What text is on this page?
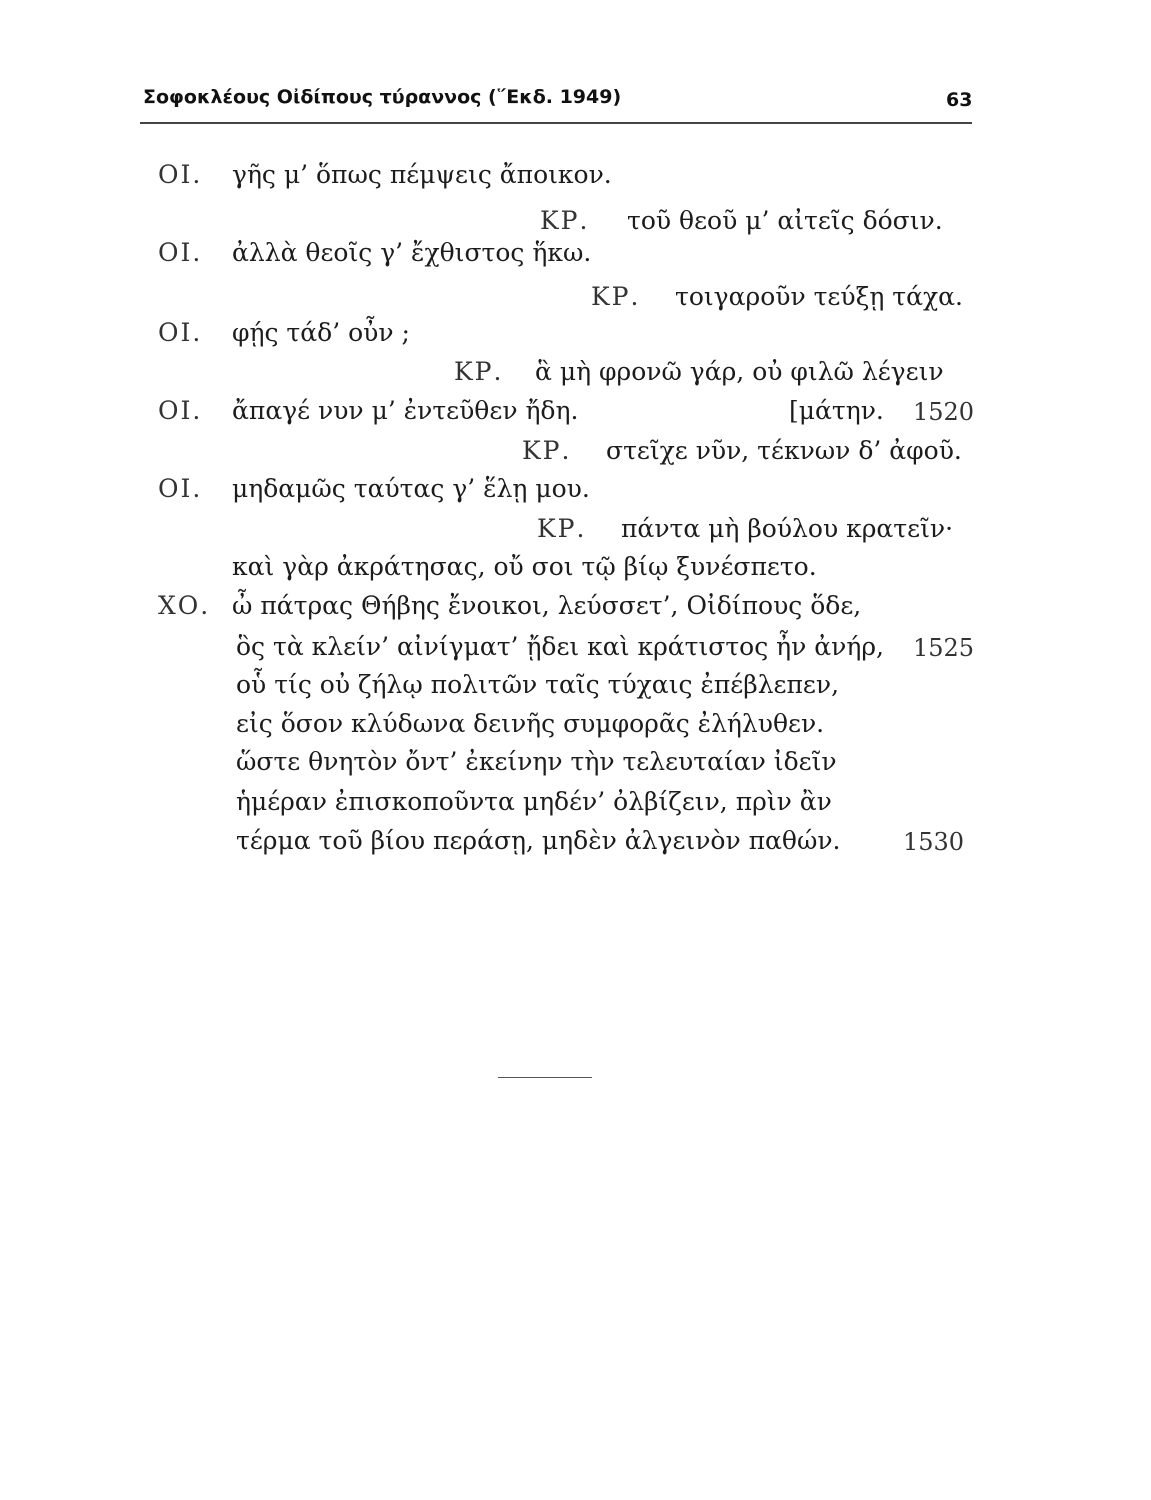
Σοφοκλέους Οἰδίπους τύραννος (῞Εκδ. 1949)	63
ΟΙ. γῆς μ’ ὅπως πέμψεις ἄποικον.
ΚΡ. τοῦ θεοῦ μ’ αἰτεῖς δόσιν.
ΟΙ. ἀλλὰ θεοῖς γ’ ἔχθιστος ἥκω.
ΚΡ. τοιγαροῦν τεύξῃ τάχα.
ΟΙ. φῄς τάδ’ οὖν ;
ΚΡ. ἃ μὴ φρονῶ γάρ, οὐ φιλῶ λέγειν
ΟΙ. ἄπαγέ νυν μ’ ἐντεῦθεν ἤδη.	[μάτην. 1520
ΚΡ. στεῖχε νῦν, τέκνων δ’ ἀφοῦ.
ΟΙ. μηδαμῶς ταύτας γ’ ἕλῃ μου.
ΚΡ. πάντα μὴ βούλου κρατεῖν·
καὶ γὰρ ἀκράτησας, οὔ σοι τῷ βίῳ ξυνέσπετο.
ΧΟ. ὦ πάτρας Θήβης ἔνοικοι, λεύσσετ’, Οἰδίπους ὅδε,
ὃς τὰ κλείν’ αἰνίγματ’ ᾔδει καὶ κράτιστος ἦν ἀνήρ, 1525
οὗ τίς οὐ ζήλῳ πολιτῶν ταῖς τύχαις ἐπέβλεπεν,
εἰς ὅσον κλύδωνα δεινῆς συμφορᾶς ἐλήλυθεν.
ὥστε θνητὸν ὄντ’ ἐκείνην τὴν τελευταίαν ἰδεῖν
ἡμέραν ἐπισκοποῦντα μηδέν’ ὀλβίζειν, πρὶν ἂν
τέρμα τοῦ βίου περάσῃ, μηδὲν ἀλγεινὸν παθών.	1530
